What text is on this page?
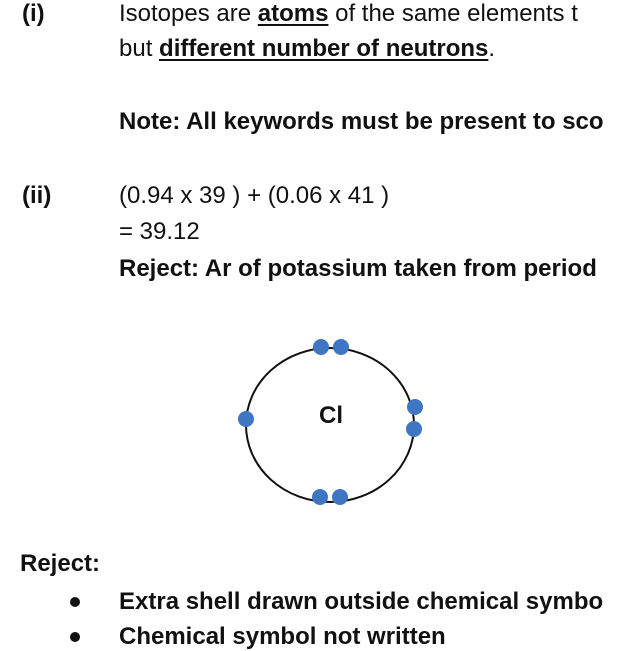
(i)	Isotopes are atoms of the same elements t
but different number of neutrons.
Note: All keywords must be present to sco
(ii)	(0.94 x 39 ) + (0.06 x 41 )
= 39.12
Reject: Ar of potassium taken from period
Cl
Reject:
Extra shell drawn outside chemical symbo
Chemical symbol not written
